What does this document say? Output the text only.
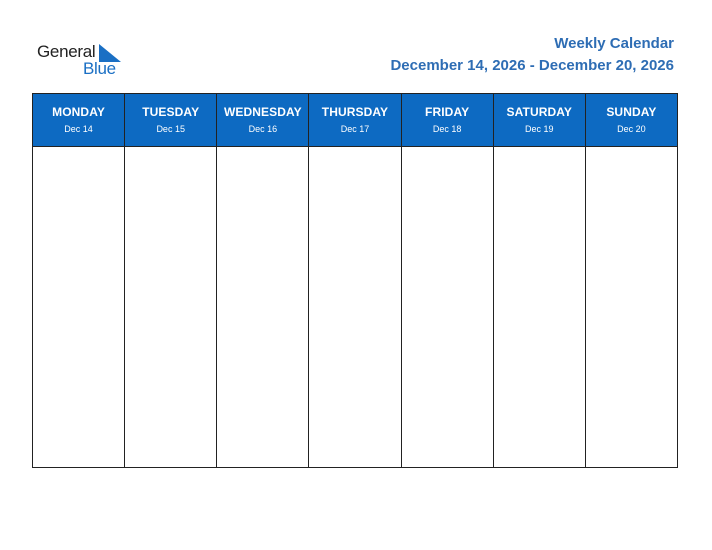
General
Blue
Weekly Calendar
December 14, 2026 - December 20, 2026
MONDAY
Dec 14
TUESDAY
Dec 15
WEDNESDAY
Dec 16
THURSDAY
Dec 17
FRIDAY
Dec 18
SATURDAY
Dec 19
SUNDAY
Dec 20
